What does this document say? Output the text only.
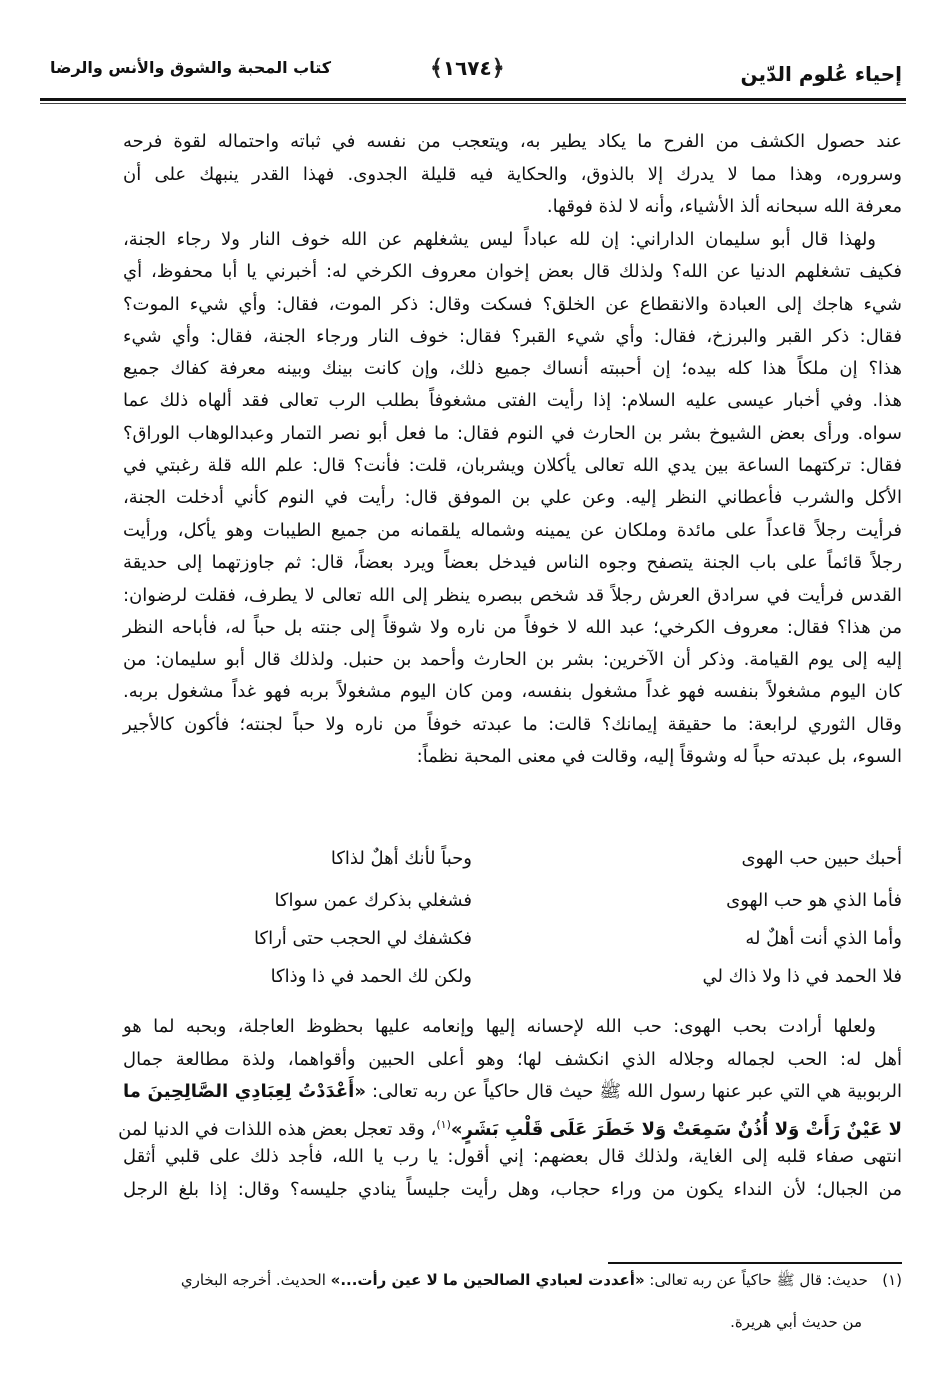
إحياء عُلوم الدّين
﴿١٦٧٤﴾
كتاب المحبة والشوق والأنس والرضا
عند حصول الكشف من الفرح ما يكاد يطير به، ويتعجب من نفسه في ثباته واحتماله لقوة فرحه
وسروره، وهذا مما لا يدرك إلا بالذوق، والحكاية فيه قليلة الجدوى. فهذا القدر ينبهك على أن
معرفة الله سبحانه ألذ الأشياء، وأنه لا لذة فوقها.
ولهذا قال أبو سليمان الداراني: إن لله عباداً ليس يشغلهم عن الله خوف النار ولا رجاء الجنة،
فكيف تشغلهم الدنيا عن الله؟ ولذلك قال بعض إخوان معروف الكرخي له: أخبرني يا أبا محفوظ، أي
شيء هاجك إلى العبادة والانقطاع عن الخلق؟ فسكت وقال: ذكر الموت، فقال: وأي شيء الموت؟
فقال: ذكر القبر والبرزخ، فقال: وأي شيء القبر؟ فقال: خوف النار ورجاء الجنة، فقال: وأي شيء
هذا؟ إن ملكاً هذا كله بيده؛ إن أحببته أنساك جميع ذلك، وإن كانت بينك وبينه معرفة كفاك جميع
هذا. وفي أخبار عيسى عليه السلام: إذا رأيت الفتى مشغوفاً بطلب الرب تعالى فقد ألهاه ذلك عما
سواه. ورأى بعض الشيوخ بشر بن الحارث في النوم فقال: ما فعل أبو نصر التمار وعبدالوهاب الوراق؟
فقال: تركتهما الساعة بين يدي الله تعالى يأكلان ويشربان، قلت: فأنت؟ قال: علم الله قلة رغبتي في
الأكل والشرب فأعطاني النظر إليه. وعن علي بن الموفق قال: رأيت في النوم كأني أدخلت الجنة،
فرأيت رجلاً قاعداً على مائدة وملكان عن يمينه وشماله يلقمانه من جميع الطيبات وهو يأكل، ورأيت
رجلاً قائماً على باب الجنة يتصفح وجوه الناس فيدخل بعضاً ويرد بعضاً، قال: ثم جاوزتهما إلى حديقة
القدس فرأيت في سرادق العرش رجلاً قد شخص ببصره ينظر إلى الله تعالى لا يطرف، فقلت لرضوان:
من هذا؟ فقال: معروف الكرخي؛ عبد الله لا خوفاً من ناره ولا شوقاً إلى جنته بل حباً له، فأباحه النظر
إليه إلى يوم القيامة. وذكر أن الآخرين: بشر بن الحارث وأحمد بن حنبل. ولذلك قال أبو سليمان: من
كان اليوم مشغولاً بنفسه فهو غداً مشغول بنفسه، ومن كان اليوم مشغولاً بربه فهو غداً مشغول بربه.
وقال الثوري لرابعة: ما حقيقة إيمانك؟ قالت: ما عبدته خوفاً من ناره ولا حباً لجنته؛ فأكون كالأجير
السوء، بل عبدته حباً له وشوقاً إليه، وقالت في معنى المحبة نظماً:
أحبك حبين حب الهوى
وحباً لأنك أهلٌ لذاكا
فأما الذي هو حب الهوى
فشغلي بذكرك عمن سواكا
وأما الذي أنت أهلٌ له
فكشفك لي الحجب حتى أراكا
فلا الحمد في ذا ولا ذاك لي
ولكن لك الحمد في ذا وذاكا
ولعلها أرادت بحب الهوى: حب الله لإحسانه إليها وإنعامه عليها بحظوظ العاجلة، وبحبه لما هو
أهل له: الحب لجماله وجلاله الذي انكشف لها؛ وهو أعلى الحبين وأقواهما، ولذة مطالعة جمال
الربوبية هي التي عبر عنها رسول الله ﷺ حيث قال حاكياً عن ربه تعالى: «أَعْدَدْتُ لِعِبَادِي الصَّالِحِينَ ما
لا عَيْنٌ رَأَتْ وَلا أُذُنٌ سَمِعَتْ وَلا خَطَرَ عَلَى قَلْبِ بَشَرٍ»$^{(١)}$، وقد تعجل بعض هذه اللذات في الدنيا لمن
انتهى صفاء قلبه إلى الغاية، ولذلك قال بعضهم: إني أقول: يا رب يا الله، فأجد ذلك على قلبي أثقل
من الجبال؛ لأن النداء يكون من وراء حجاب، وهل رأيت جليساً ينادي جليسه؟ وقال: إذا بلغ الرجل
(١)   حديث: قال ﷺ حاكياً عن ربه تعالى: «أعددت لعبادي الصالحين ما لا عين رأت...» الحديث. أخرجه البخاري
من حديث أبي هريرة.
